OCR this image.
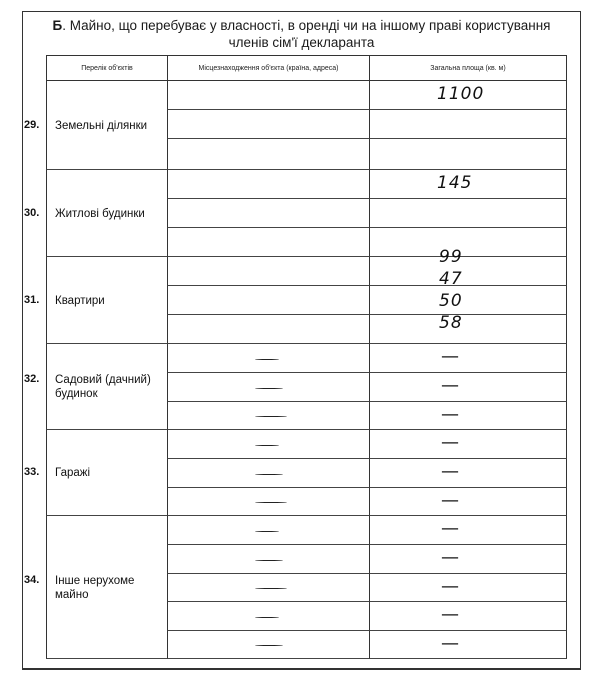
Б. Майно, що перебуває у власності, в оренді чи на іншому праві користування
членів сім'ї декларанта
Перелік об'єктів	Місцезнаходження об'єкта (країна, адреса)	Загальна площа (кв. м)
Земельні ділянки
29.
1100
Житлові будинки
30.
145
Квартири
31.
99
47
50
58
Садовий (дачний) будинок
32.
—
—
—
Гаражі
33.
—
—
—
Інше нерухоме майно
34.
—
—
—
—
—
